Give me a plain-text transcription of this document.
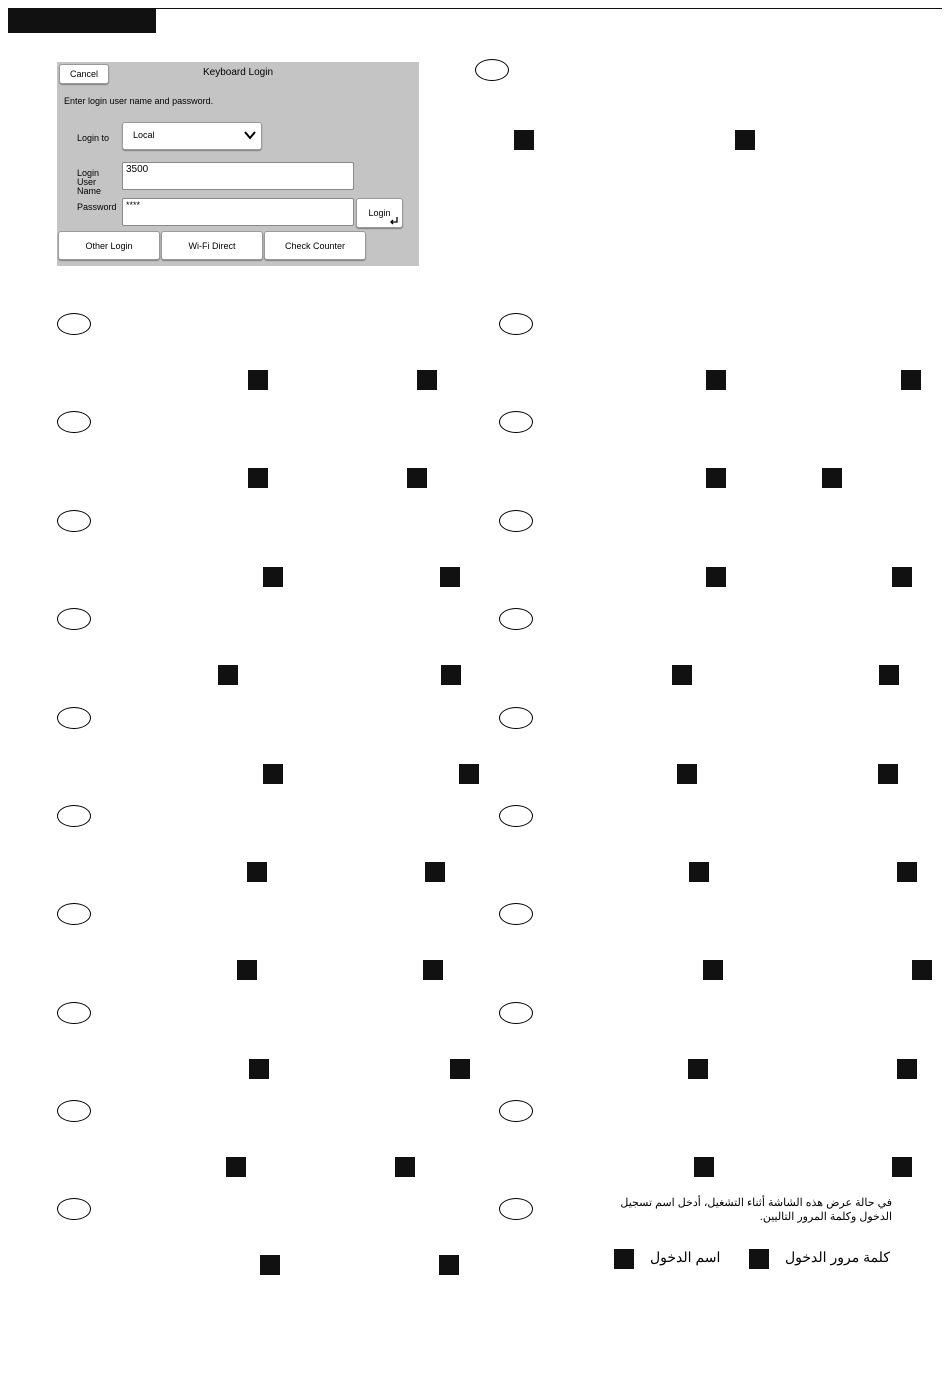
Cancel	Keyboard Login
Enter login user name and password.
Login to	Local
Login
User
Name
3500
Password	****
Login
Other Login	Wi-Fi Direct	Check Counter
في حالة عرض هذه الشاشة أثناء التشغيل، أدخل اسم تسجيل
الدخول وكلمة المرور التاليين.
كلمة مرور الدخول
اسم الدخول
